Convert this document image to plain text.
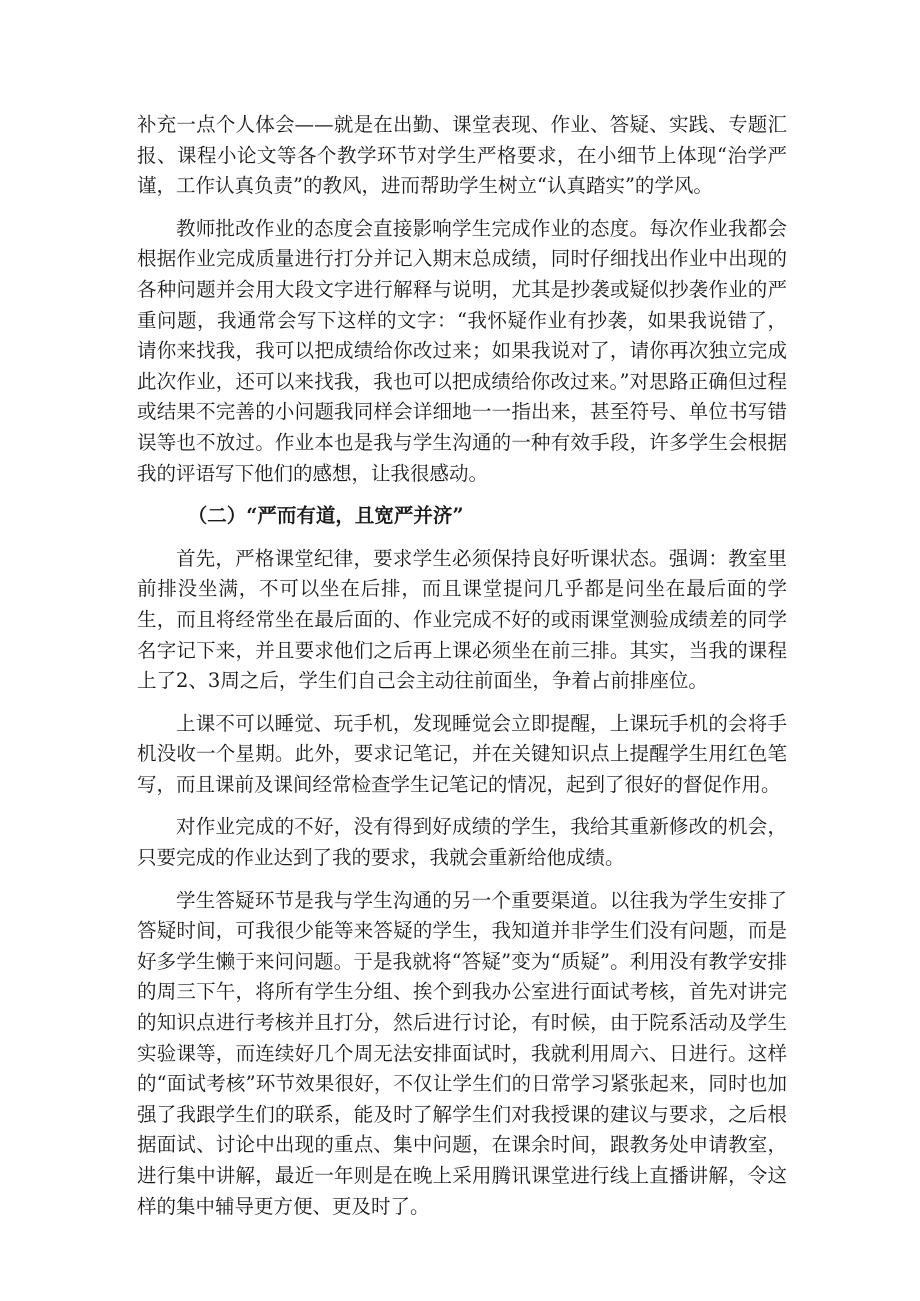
补充一点个人体会——就是在出勤、课堂表现、作业、答疑、实践、专题汇报、课程小论文等各个教学环节对学生严格要求，在小细节上体现“治学严谨，工作认真负责”的教风，进而帮助学生树立“认真踏实”的学风。

教师批改作业的态度会直接影响学生完成作业的态度。每次作业我都会根据作业完成质量进行打分并记入期末总成绩，同时仔细找出作业中出现的各种问题并会用大段文字进行解释与说明，尤其是抄袭或疑似抄袭作业的严重问题，我通常会写下这样的文字：“我怀疑作业有抄袭，如果我说错了，请你来找我，我可以把成绩给你改过来；如果我说对了，请你再次独立完成此次作业，还可以来找我，我也可以把成绩给你改过来。”对思路正确但过程或结果不完善的小问题我同样会详细地一一指出来，甚至符号、单位书写错误等也不放过。作业本也是我与学生沟通的一种有效手段，许多学生会根据我的评语写下他们的感想，让我很感动。

（二）“严而有道，且宽严并济”

首先，严格课堂纪律，要求学生必须保持良好听课状态。强调：教室里前排没坐满，不可以坐在后排，而且课堂提问几乎都是问坐在最后面的学生，而且将经常坐在最后面的、作业完成不好的或雨课堂测验成绩差的同学名字记下来，并且要求他们之后再上课必须坐在前三排。其实，当我的课程上了2、3周之后，学生们自己会主动往前面坐，争着占前排座位。

上课不可以睡觉、玩手机，发现睡觉会立即提醒，上课玩手机的会将手机没收一个星期。此外，要求记笔记，并在关键知识点上提醒学生用红色笔写，而且课前及课间经常检查学生记笔记的情况，起到了很好的督促作用。

对作业完成的不好，没有得到好成绩的学生，我给其重新修改的机会，只要完成的作业达到了我的要求，我就会重新给他成绩。

学生答疑环节是我与学生沟通的另一个重要渠道。以往我为学生安排了答疑时间，可我很少能等来答疑的学生，我知道并非学生们没有问题，而是好多学生懒于来问问题。于是我就将“答疑”变为“质疑”。利用没有教学安排的周三下午，将所有学生分组、挨个到我办公室进行面试考核，首先对讲完的知识点进行考核并且打分，然后进行讨论，有时候，由于院系活动及学生实验课等，而连续好几个周无法安排面试时，我就利用周六、日进行。这样的“面试考核”环节效果很好，不仅让学生们的日常学习紧张起来，同时也加强了我跟学生们的联系，能及时了解学生们对我授课的建议与要求，之后根据面试、讨论中出现的重点、集中问题，在课余时间，跟教务处申请教室，进行集中讲解，最近一年则是在晚上采用腾讯课堂进行线上直播讲解，令这样的集中辅导更方便、更及时了。
